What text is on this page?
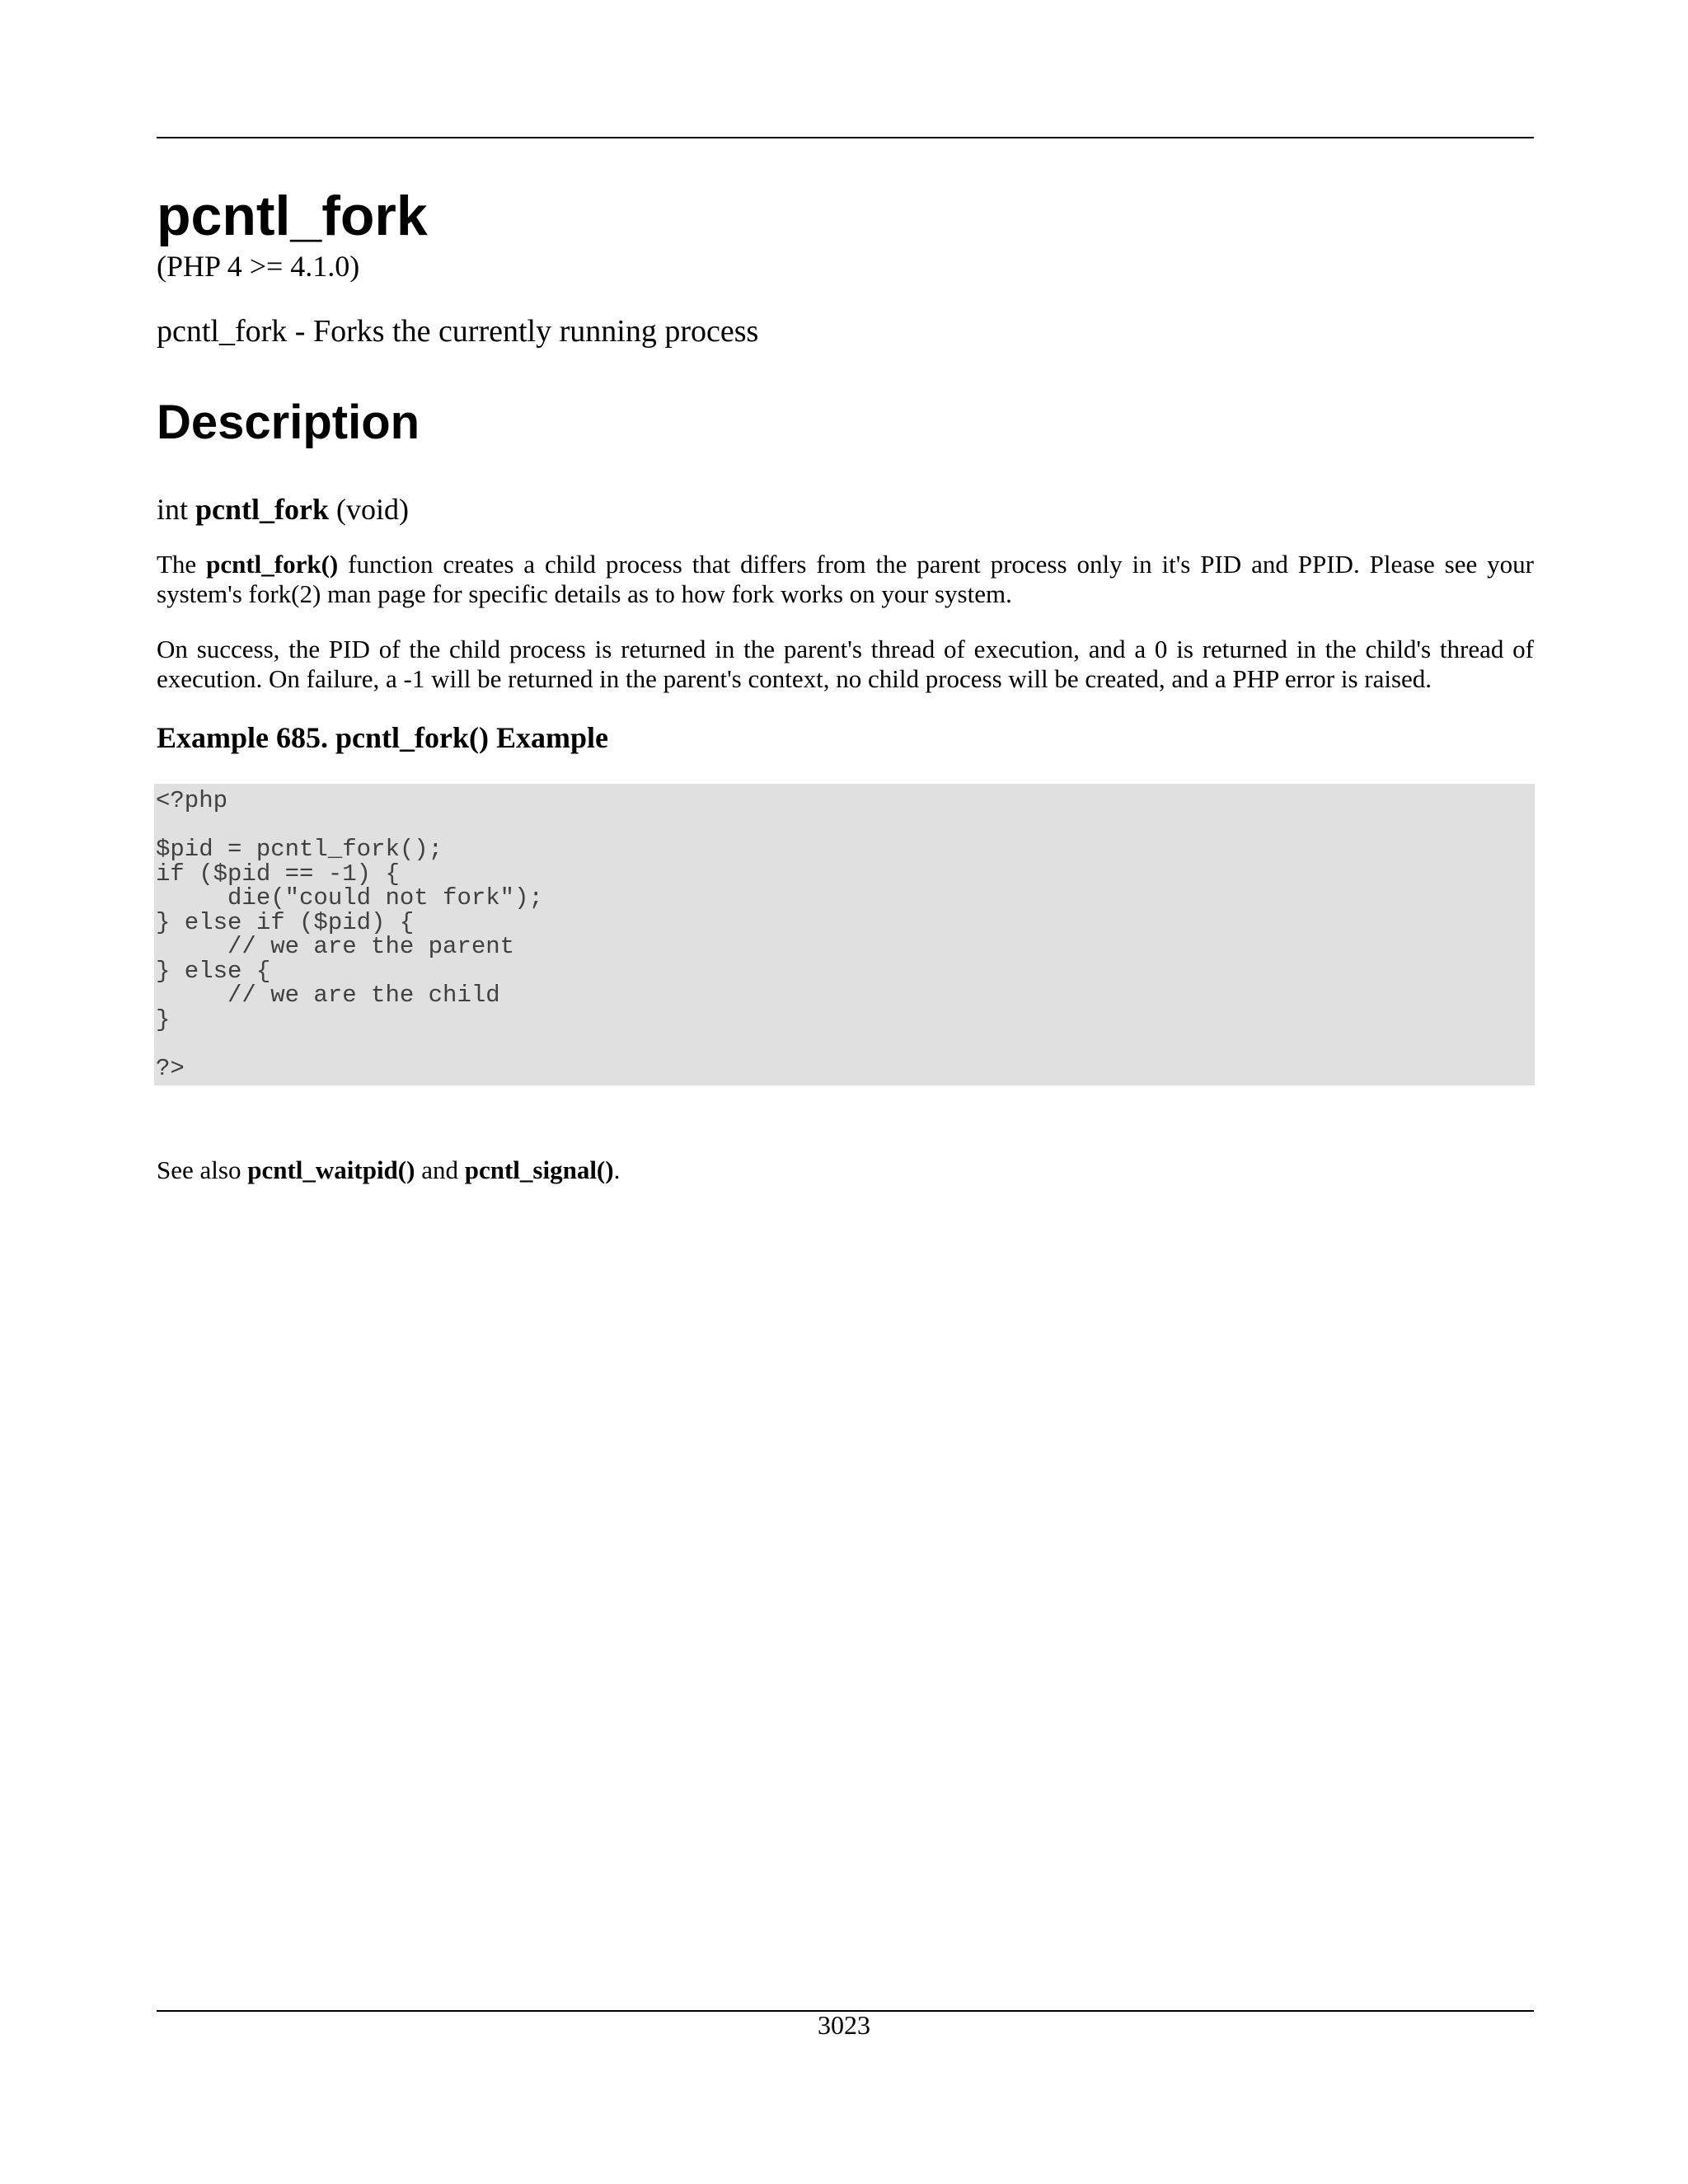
pcntl_fork
(PHP 4 >= 4.1.0)
pcntl_fork - Forks the currently running process
Description
int pcntl_fork (void)

The pcntl_fork() function creates a child process that differs from the parent process only in it's PID and PPID. Please see your system's fork(2) man page for specific details as to how fork works on your system.

On success, the PID of the child process is returned in the parent's thread of execution, and a 0 is returned in the child's thread of execution. On failure, a -1 will be returned in the parent's context, no child process will be created, and a PHP error is raised.

Example 685. pcntl_fork() Example
<?php

$pid = pcntl_fork();
if ($pid == -1) {
die("could not fork");
} else if ($pid) {
// we are the parent
} else {
// we are the child
}

?>

See also pcntl_waitpid() and pcntl_signal().

3023
